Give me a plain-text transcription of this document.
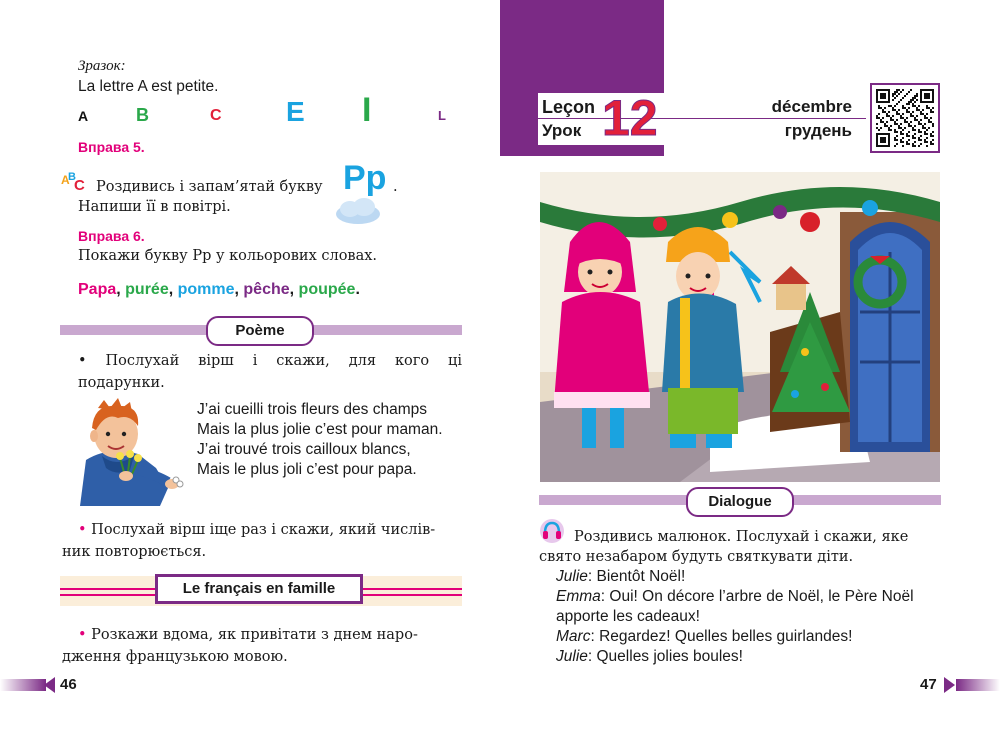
Зразок:
La lettre A est petite.
A	B	C E I	L
Вправа 5.
A
B
C Роздивись і запам’ятай букву Pp .
Напиши її в повітрі.
Вправа 6.
Покажи букву Рр у кольорових словах.
Papa, purée, pomme, pêche, poupée.
Poème
• Послухай вірш і скажи, для кого ці
подарунки.
J’ai cueilli trois fleurs des champs
Mais la plus jolie c’est pour maman.
J’ai trouvé trois cailloux blancs,
Mais le plus joli c’est pour papa.
• Послухай вірш іще раз і скажи, який числів-
ник повторюється.
Le français en famille
• Розкажи вдома, як привітати з днем наро-
дження французькою мовою.
46
Leçon
Урок 12	décembre
грудень
Dialogue
Роздивись малюнок. Послухай і скажи, яке
свято незабаром будуть святкувати діти.
Julie: Bientôt Noël!
Emma: Oui! On décore l’arbre de Noël, le Père Noël
apporte les cadeaux!
Marc: Regardez! Quelles belles guirlandes!
Julie: Quelles jolies boules!
47
